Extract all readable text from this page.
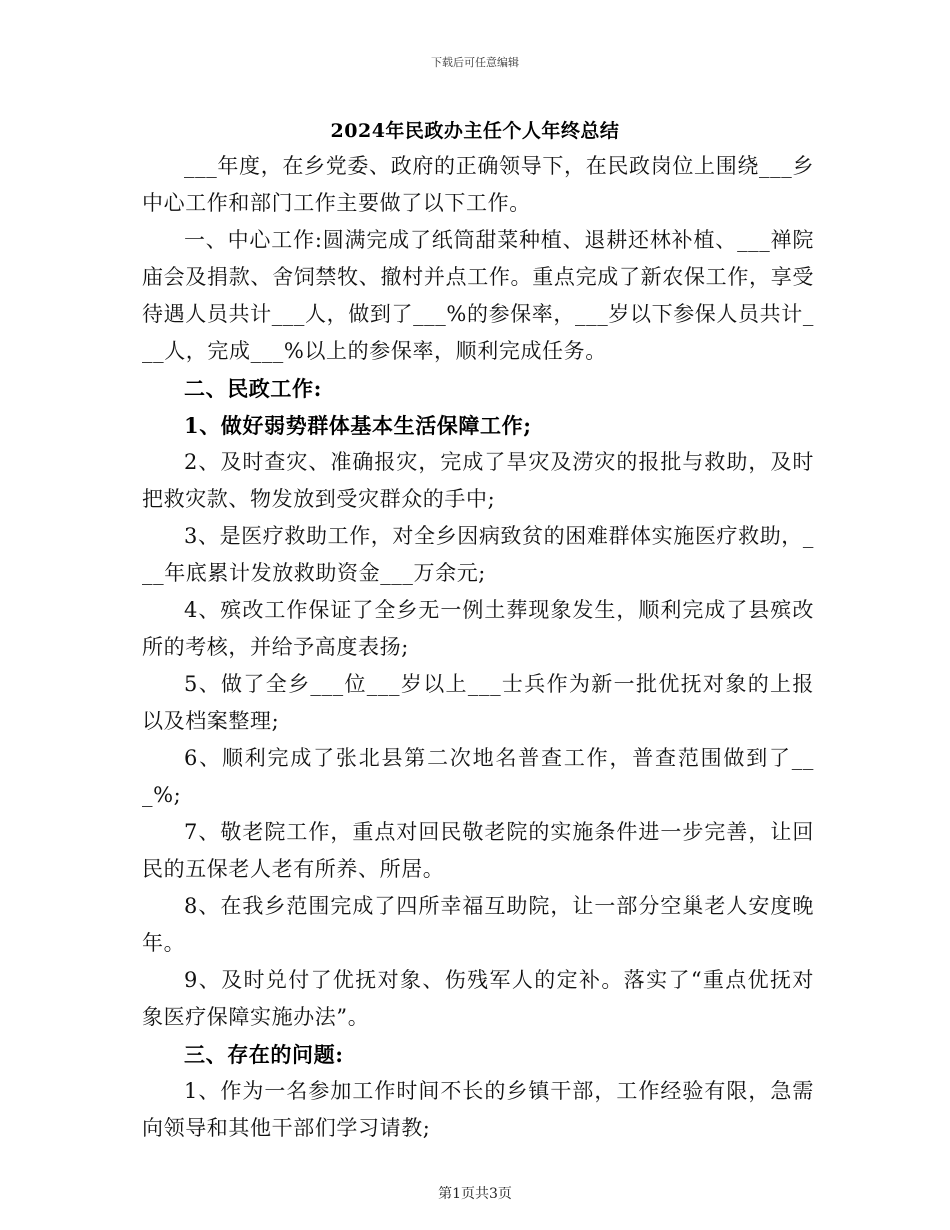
下载后可任意编辑
2024年民政办主任个人年终总结

___年度，在乡党委、政府的正确领导下，在民政岗位上围绕___乡中心工作和部门工作主要做了以下工作。

一、中心工作:圆满完成了纸筒甜菜种植、退耕还林补植、___禅院庙会及捐款、舍饲禁牧、撤村并点工作。重点完成了新农保工作，享受待遇人员共计___人，做到了___%的参保率，___岁以下参保人员共计___人，完成___%以上的参保率，顺利完成任务。

二、民政工作:

1、做好弱势群体基本生活保障工作;

2、及时查灾、准确报灾，完成了旱灾及涝灾的报批与救助，及时把救灾款、物发放到受灾群众的手中;

3、是医疗救助工作，对全乡因病致贫的困难群体实施医疗救助，___年底累计发放救助资金___万余元;

4、殡改工作保证了全乡无一例土葬现象发生，顺利完成了县殡改所的考核，并给予高度表扬;

5、做了全乡___位___岁以上___士兵作为新一批优抚对象的上报以及档案整理;

6、顺利完成了张北县第二次地名普查工作，普查范围做到了___%;

7、敬老院工作，重点对回民敬老院的实施条件进一步完善，让回民的五保老人老有所养、所居。

8、在我乡范围完成了四所幸福互助院，让一部分空巢老人安度晚年。

9、及时兑付了优抚对象、伤残军人的定补。落实了“重点优抚对象医疗保障实施办法”。

三、存在的问题:

1、作为一名参加工作时间不长的乡镇干部，工作经验有限，急需向领导和其他干部们学习请教;

第1页共3页
